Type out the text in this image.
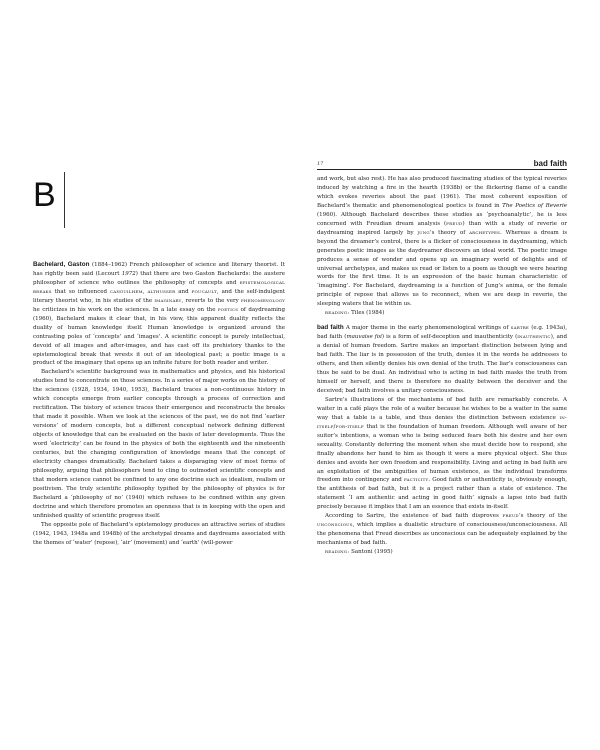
B
17	bad faith

Bachelard, Gaston (1884–1962) French philosopher of science and literary theorist. It has rightly been said (Lecourt 1972) that there are two Gaston Bachelards: the austere philosopher of science who outlines the philosophy of concepts and epistemological breaks that so influenced canguilhem, althusser and foucault, and the self-indulgent literary theorist who, in his studies of the imaginary, reverts to the very phenomenology he criticizes in his work on the sciences. In a late essay on the poetics of daydreaming (1960), Bachelard makes it clear that, in his view, this apparent duality reflects the duality of human knowledge itself. Human knowledge is organized around the contrasting poles of ‘concepts’ and ‘images’. A scientific concept is purely intellectual, devoid of all images and after-images, and has cast off its prehistory thanks to the epistemological break that wrests it out of an ideological past; a poetic image is a product of the imaginary that opens up an infinite future for both reader and writer.

Bachelard’s scientific background was in mathematics and physics, and his historical studies tend to concentrate on those sciences. In a series of major works on the history of the sciences (1928, 1934, 1940, 1953), Bachelard traces a non-continuous history in which concepts emerge from earlier concepts through a process of correction and rectification. The history of science traces their emergence and reconstructs the breaks that made it possible. When we look at the sciences of the past, we do not find ‘earlier versions’ of modern concepts, but a different conceptual network defining different objects of knowledge that can be evaluated on the basis of later developments. Thus the word ‘electricity’ can be found in the physics of both the eighteenth and the nineteenth centuries, but the changing configuration of knowledge means that the concept of electricity changes dramatically. Bachelard takes a disparaging view of most forms of philosophy, arguing that philosophers tend to cling to outmoded scientific concepts and that modern science cannot be confined to any one doctrine such as idealism, realism or positivism. The truly scientific philosophy typified by the philosophy of physics is for Bachelard a ‘philosophy of no’ (1940) which refuses to be confined within any given doctrine and which therefore promotes an openness that is in keeping with the open and unfinished quality of scientific progress itself.

The opposite pole of Bachelard’s epistemology produces an attractive series of studies (1942, 1943, 1948a and 1948b) of the archetypal dreams and daydreams associated with the themes of ‘water’ (repose), ‘air’ (movement) and ‘earth’ (will-power

and work, but also rest). He has also produced fascinating studies of the typical reveries induced by watching a fire in the hearth (1938b) or the flickering flame of a candle which evokes reveries about the past (1961). The most coherent exposition of Bachelard’s thematic and phenomenological poetics is found in The Poetics of Reverie (1960). Although Bachelard describes these studies as ‘psychoanalytic’, he is less concerned with Freudian dream analysis (freud) than with a study of reverie or daydreaming inspired largely by jung’s theory of archetypes. Whereas a dream is beyond the dreamer’s control, there is a flicker of consciousness in daydreaming, which generates poetic images as the daydreamer discovers an ideal world. The poetic image produces a sense of wonder and opens up an imaginary world of delights and of universal archetypes, and makes us read or listen to a poem as though we were hearing words for the first time. It is an expression of the basic human characteristic of ‘imagining’. For Bachelard, daydreaming is a function of Jung’s anima, or the female principle of repose that allows us to reconnect, when we are deep in reverie, the sleeping waters that lie within us.

reading: Tiles (1984)

bad faith A major theme in the early phenomenological writings of sartre (e.g. 1943a), bad faith (mauvaise foi) is a form of self-deception and inauthenticity (inauthentic), and a denial of human freedom. Sartre makes an important distinction between lying and bad faith. The liar is in possession of the truth, denies it in the words he addresses to others, and then silently denies his own denial of the truth. The liar’s consciousness can thus be said to be dual. An individual who is acting in bad faith masks the truth from himself or herself, and there is therefore no duality between the deceiver and the deceived; bad faith involves a unitary consciousness.

Sartre’s illustrations of the mechanisms of bad faith are remarkably concrete. A waiter in a café plays the role of a waiter because he wishes to be a waiter in the same way that a table is a table, and thus denies the distinction between existence in-itself/for-itself that is the foundation of human freedom. Although well aware of her suitor’s intentions, a woman who is being seduced fears both his desire and her own sexuality. Constantly deferring the moment when she must decide how to respond, she finally abandons her hand to him as though it were a mere physical object. She thus denies and avoids her own freedom and responsibility. Living and acting in bad faith are an exploitation of the ambiguities of human existence, as the individual transforms freedom into contingency and facticity. Good faith or authenticity is, obviously enough, the antithesis of bad faith, but it is a project rather than a state of existence. The statement ‘I am authentic and acting in good faith’ signals a lapse into bad faith precisely because it implies that I am an essence that exists in-itself.

According to Sartre, the existence of bad faith disproves freud’s theory of the unconscious, which implies a dualistic structure of consciousness/unconsciousness. All the phenomena that Freud describes as unconscious can be adequately explained by the mechanisms of bad faith.

reading: Santoni (1995)
